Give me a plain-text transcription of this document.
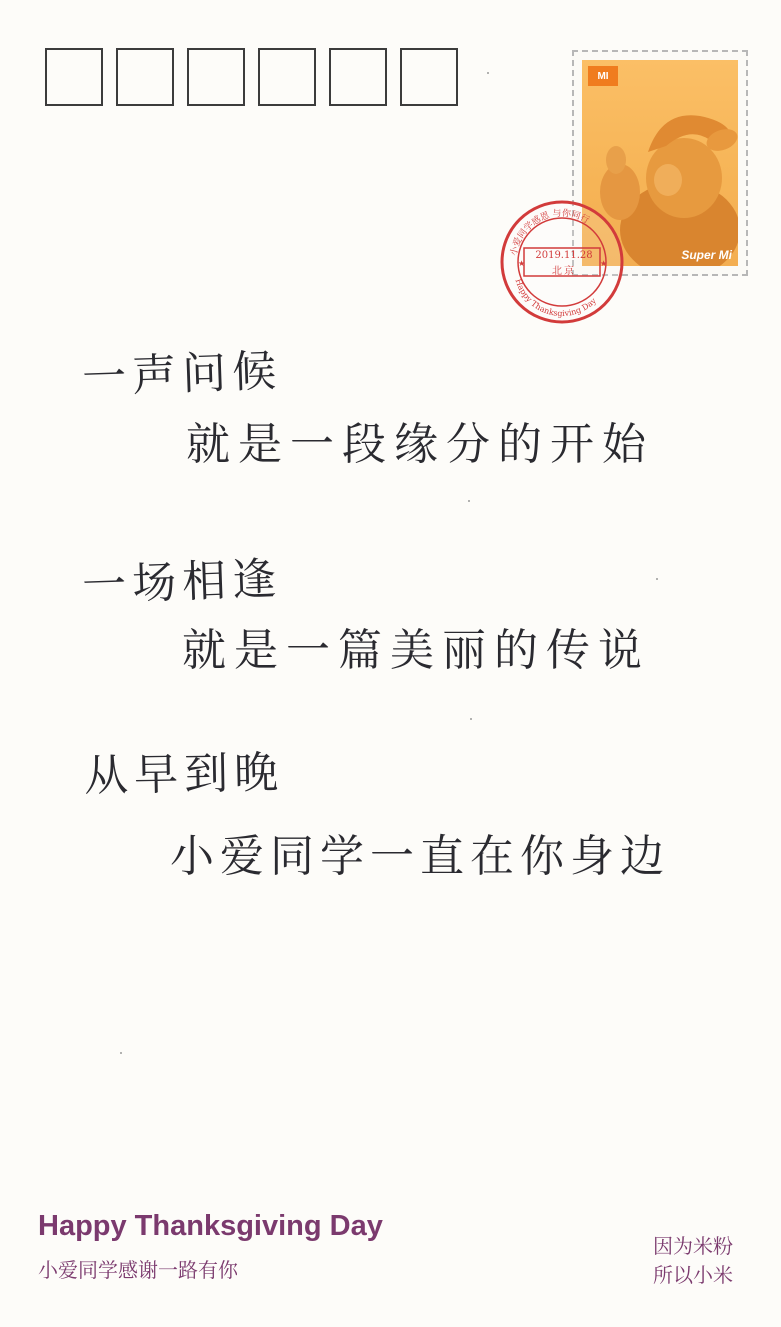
MI
Super Mi
★	★
小爱同学感恩 与你同行
Happy Thanksgiving Day
2019.11.28
北京
一声问候
就是一段缘分的开始
一场相逢
就是一篇美丽的传说
从早到晚
小爱同学一直在你身边
Happy Thanksgiving Day
小爱同学感谢一路有你
因为米粉
所以小米
